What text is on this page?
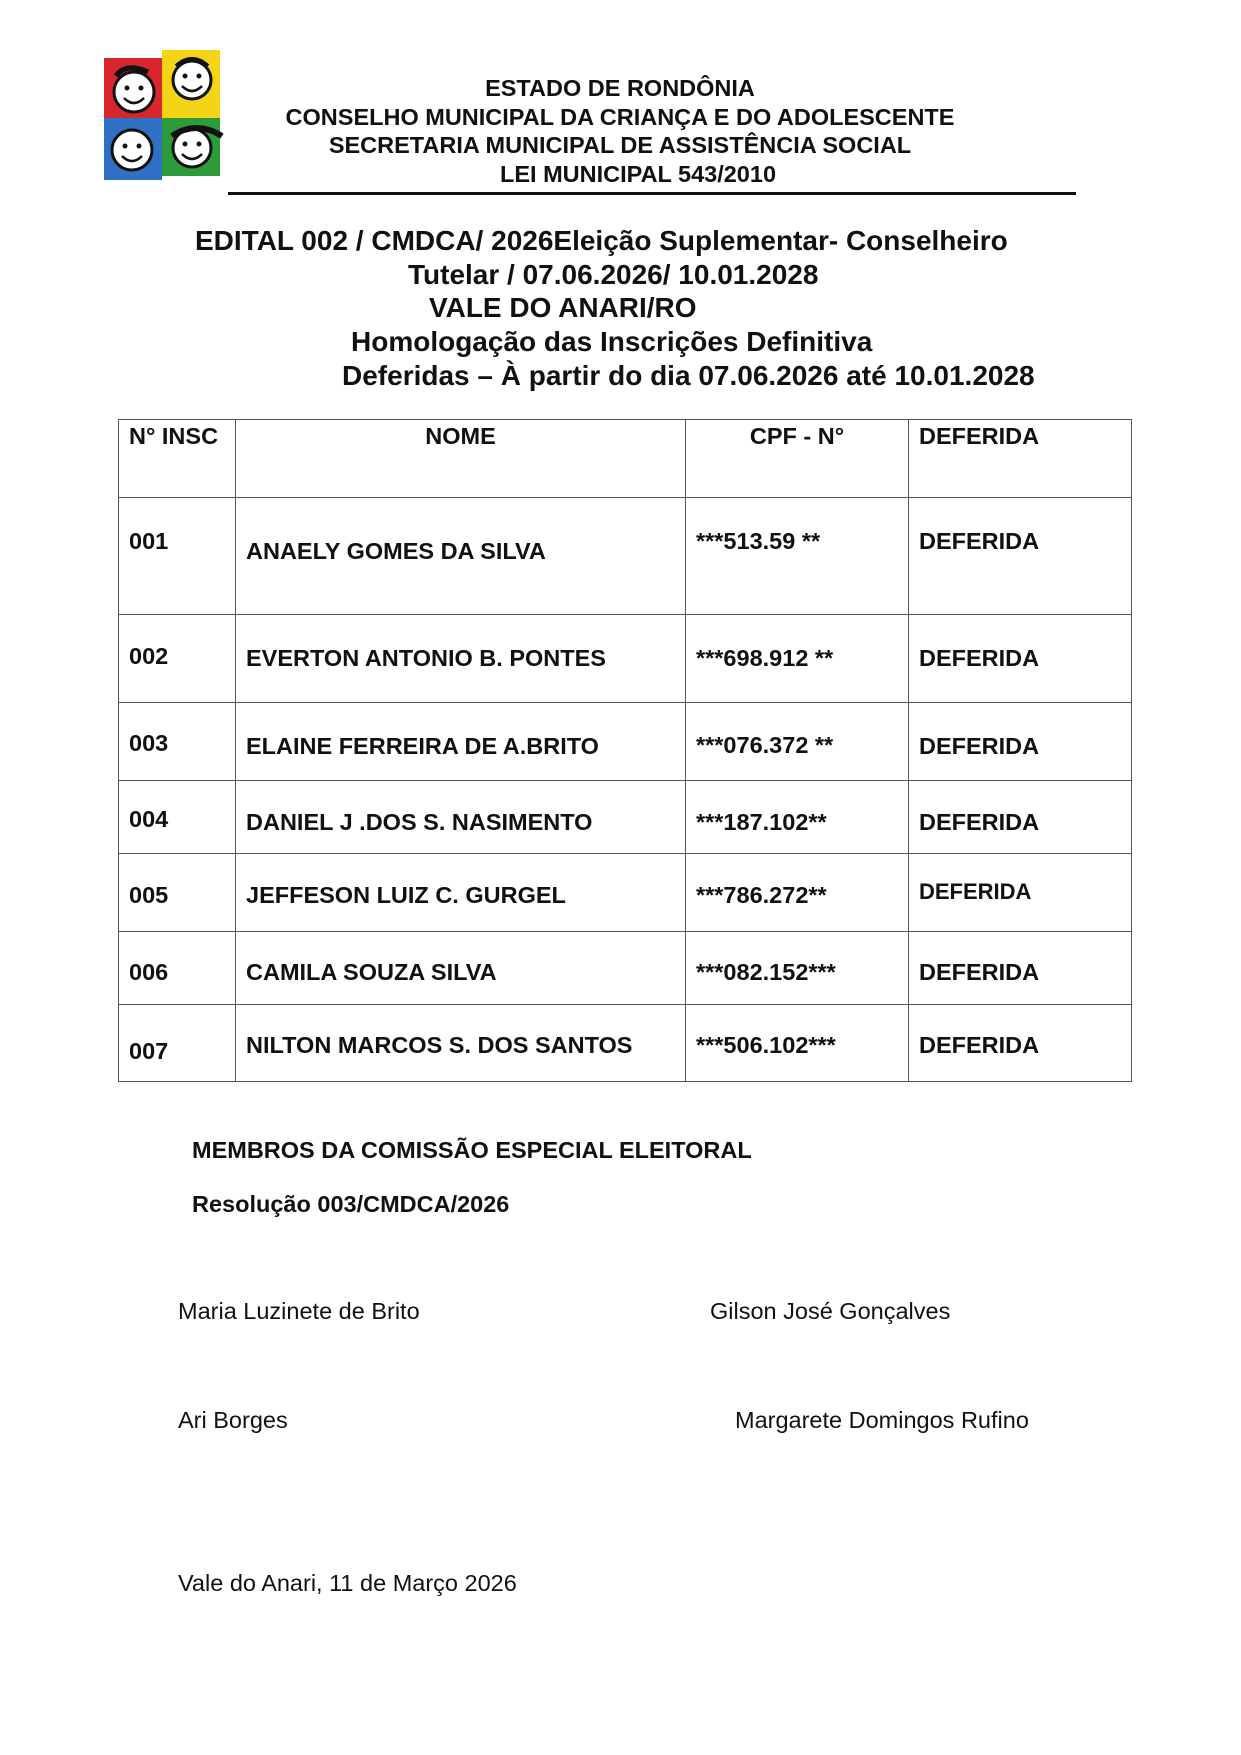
ESTADO DE RONDÔNIA
CONSELHO MUNICIPAL DA CRIANÇA E DO ADOLESCENTE
SECRETARIA MUNICIPAL DE ASSISTÊNCIA SOCIAL
LEI MUNICIPAL 543/2010
EDITAL 002 / CMDCA/ 2026Eleição Suplementar- Conselheiro
Tutelar / 07.06.2026/ 10.01.2028
VALE DO ANARI/RO
Homologação das Inscrições Definitiva
Deferidas – À partir do dia 07.06.2026 até 10.01.2028
N° INSC	NOME	CPF - N°	DEFERIDA
001	ANAELY GOMES DA SILVA	***513.59 **	DEFERIDA
002	EVERTON ANTONIO B. PONTES	***698.912 **	DEFERIDA
003	ELAINE FERREIRA DE A.BRITO	***076.372 **	DEFERIDA
004	DANIEL J .DOS S. NASIMENTO	***187.102**	DEFERIDA
005	JEFFESON LUIZ C. GURGEL	***786.272**	DEFERIDA
006	CAMILA SOUZA SILVA	***082.152***	DEFERIDA
007	NILTON MARCOS S. DOS SANTOS	***506.102***	DEFERIDA
MEMBROS DA COMISSÃO ESPECIAL ELEITORAL
Resolução 003/CMDCA/2026
Maria Luzinete de Brito	Gilson José Gonçalves
Ari Borges	Margarete Domingos Rufino
Vale do Anari, 11 de Março 2026
